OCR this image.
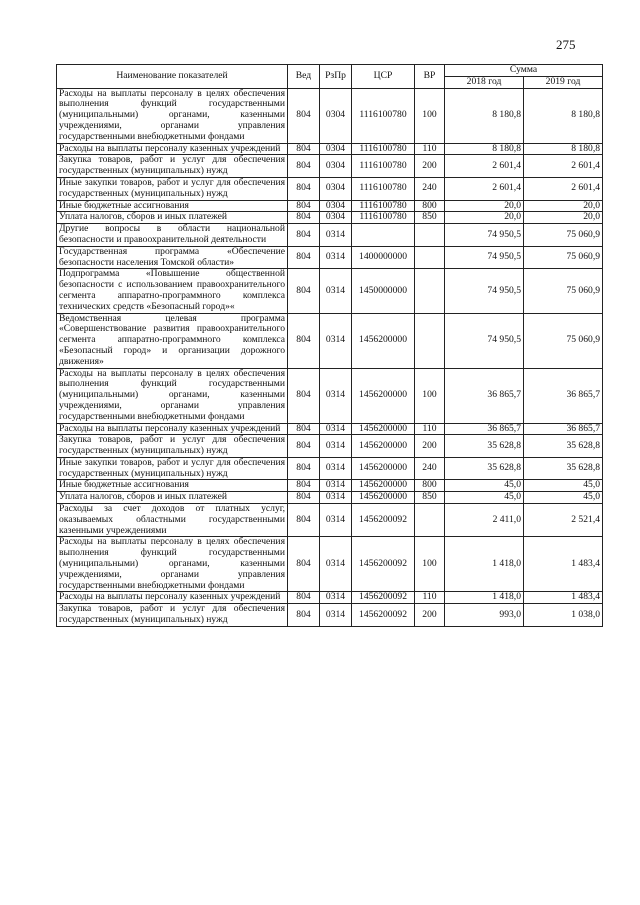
275
Наименование показателей	Вед	РзПр	ЦСР	ВР	Сумма	
					2018 год	2019 год
Расходы на выплаты персоналу в целях обеспечения выполнения функций государственными (муниципальными) органами, казенными учреждениями, органами управления государственными внебюджетными фондами	804	0304	1116100780	100	8 180,8	8 180,8
Расходы на выплаты персоналу казенных учреждений	804	0304	1116100780	110	8 180,8	8 180,8
Закупка товаров, работ и услуг для обеспечения государственных (муниципальных) нужд	804	0304	1116100780	200	2 601,4	2 601,4
Иные закупки товаров, работ и услуг для обеспечения государственных (муниципальных) нужд	804	0304	1116100780	240	2 601,4	2 601,4
Иные бюджетные ассигнования	804	0304	1116100780	800	20,0	20,0
Уплата налогов, сборов и иных платежей	804	0304	1116100780	850	20,0	20,0
Другие вопросы в области национальной безопасности и правоохранительной деятельности	804	0314			74 950,5	75 060,9
Государственная программа «Обеспечение безопасности населения Томской области»	804	0314	1400000000		74 950,5	75 060,9
Подпрограмма «Повышение общественной безопасности с использованием правоохранительного сегмента аппаратно-программного комплекса технических средств «Безопасный город»«	804	0314	1450000000		74 950,5	75 060,9
Ведомственная целевая программа «Совершенствование развития правоохранительного сегмента аппаратно-программного комплекса «Безопасный город» и организации дорожного движения»	804	0314	1456200000		74 950,5	75 060,9
Расходы на выплаты персоналу в целях обеспечения выполнения функций государственными (муниципальными) органами, казенными учреждениями, органами управления государственными внебюджетными фондами	804	0314	1456200000	100	36 865,7	36 865,7
Расходы на выплаты персоналу казенных учреждений	804	0314	1456200000	110	36 865,7	36 865,7
Закупка товаров, работ и услуг для обеспечения государственных (муниципальных) нужд	804	0314	1456200000	200	35 628,8	35 628,8
Иные закупки товаров, работ и услуг для обеспечения государственных (муниципальных) нужд	804	0314	1456200000	240	35 628,8	35 628,8
Иные бюджетные ассигнования	804	0314	1456200000	800	45,0	45,0
Уплата налогов, сборов и иных платежей	804	0314	1456200000	850	45,0	45,0
Расходы за счет доходов от платных услуг, оказываемых областными государственными казенными учреждениями	804	0314	1456200092		2 411,0	2 521,4
Расходы на выплаты персоналу в целях обеспечения выполнения функций государственными (муниципальными) органами, казенными учреждениями, органами управления государственными внебюджетными фондами	804	0314	1456200092	100	1 418,0	1 483,4
Расходы на выплаты персоналу казенных учреждений	804	0314	1456200092	110	1 418,0	1 483,4
Закупка товаров, работ и услуг для обеспечения государственных (муниципальных) нужд	804	0314	1456200092	200	993,0	1 038,0
